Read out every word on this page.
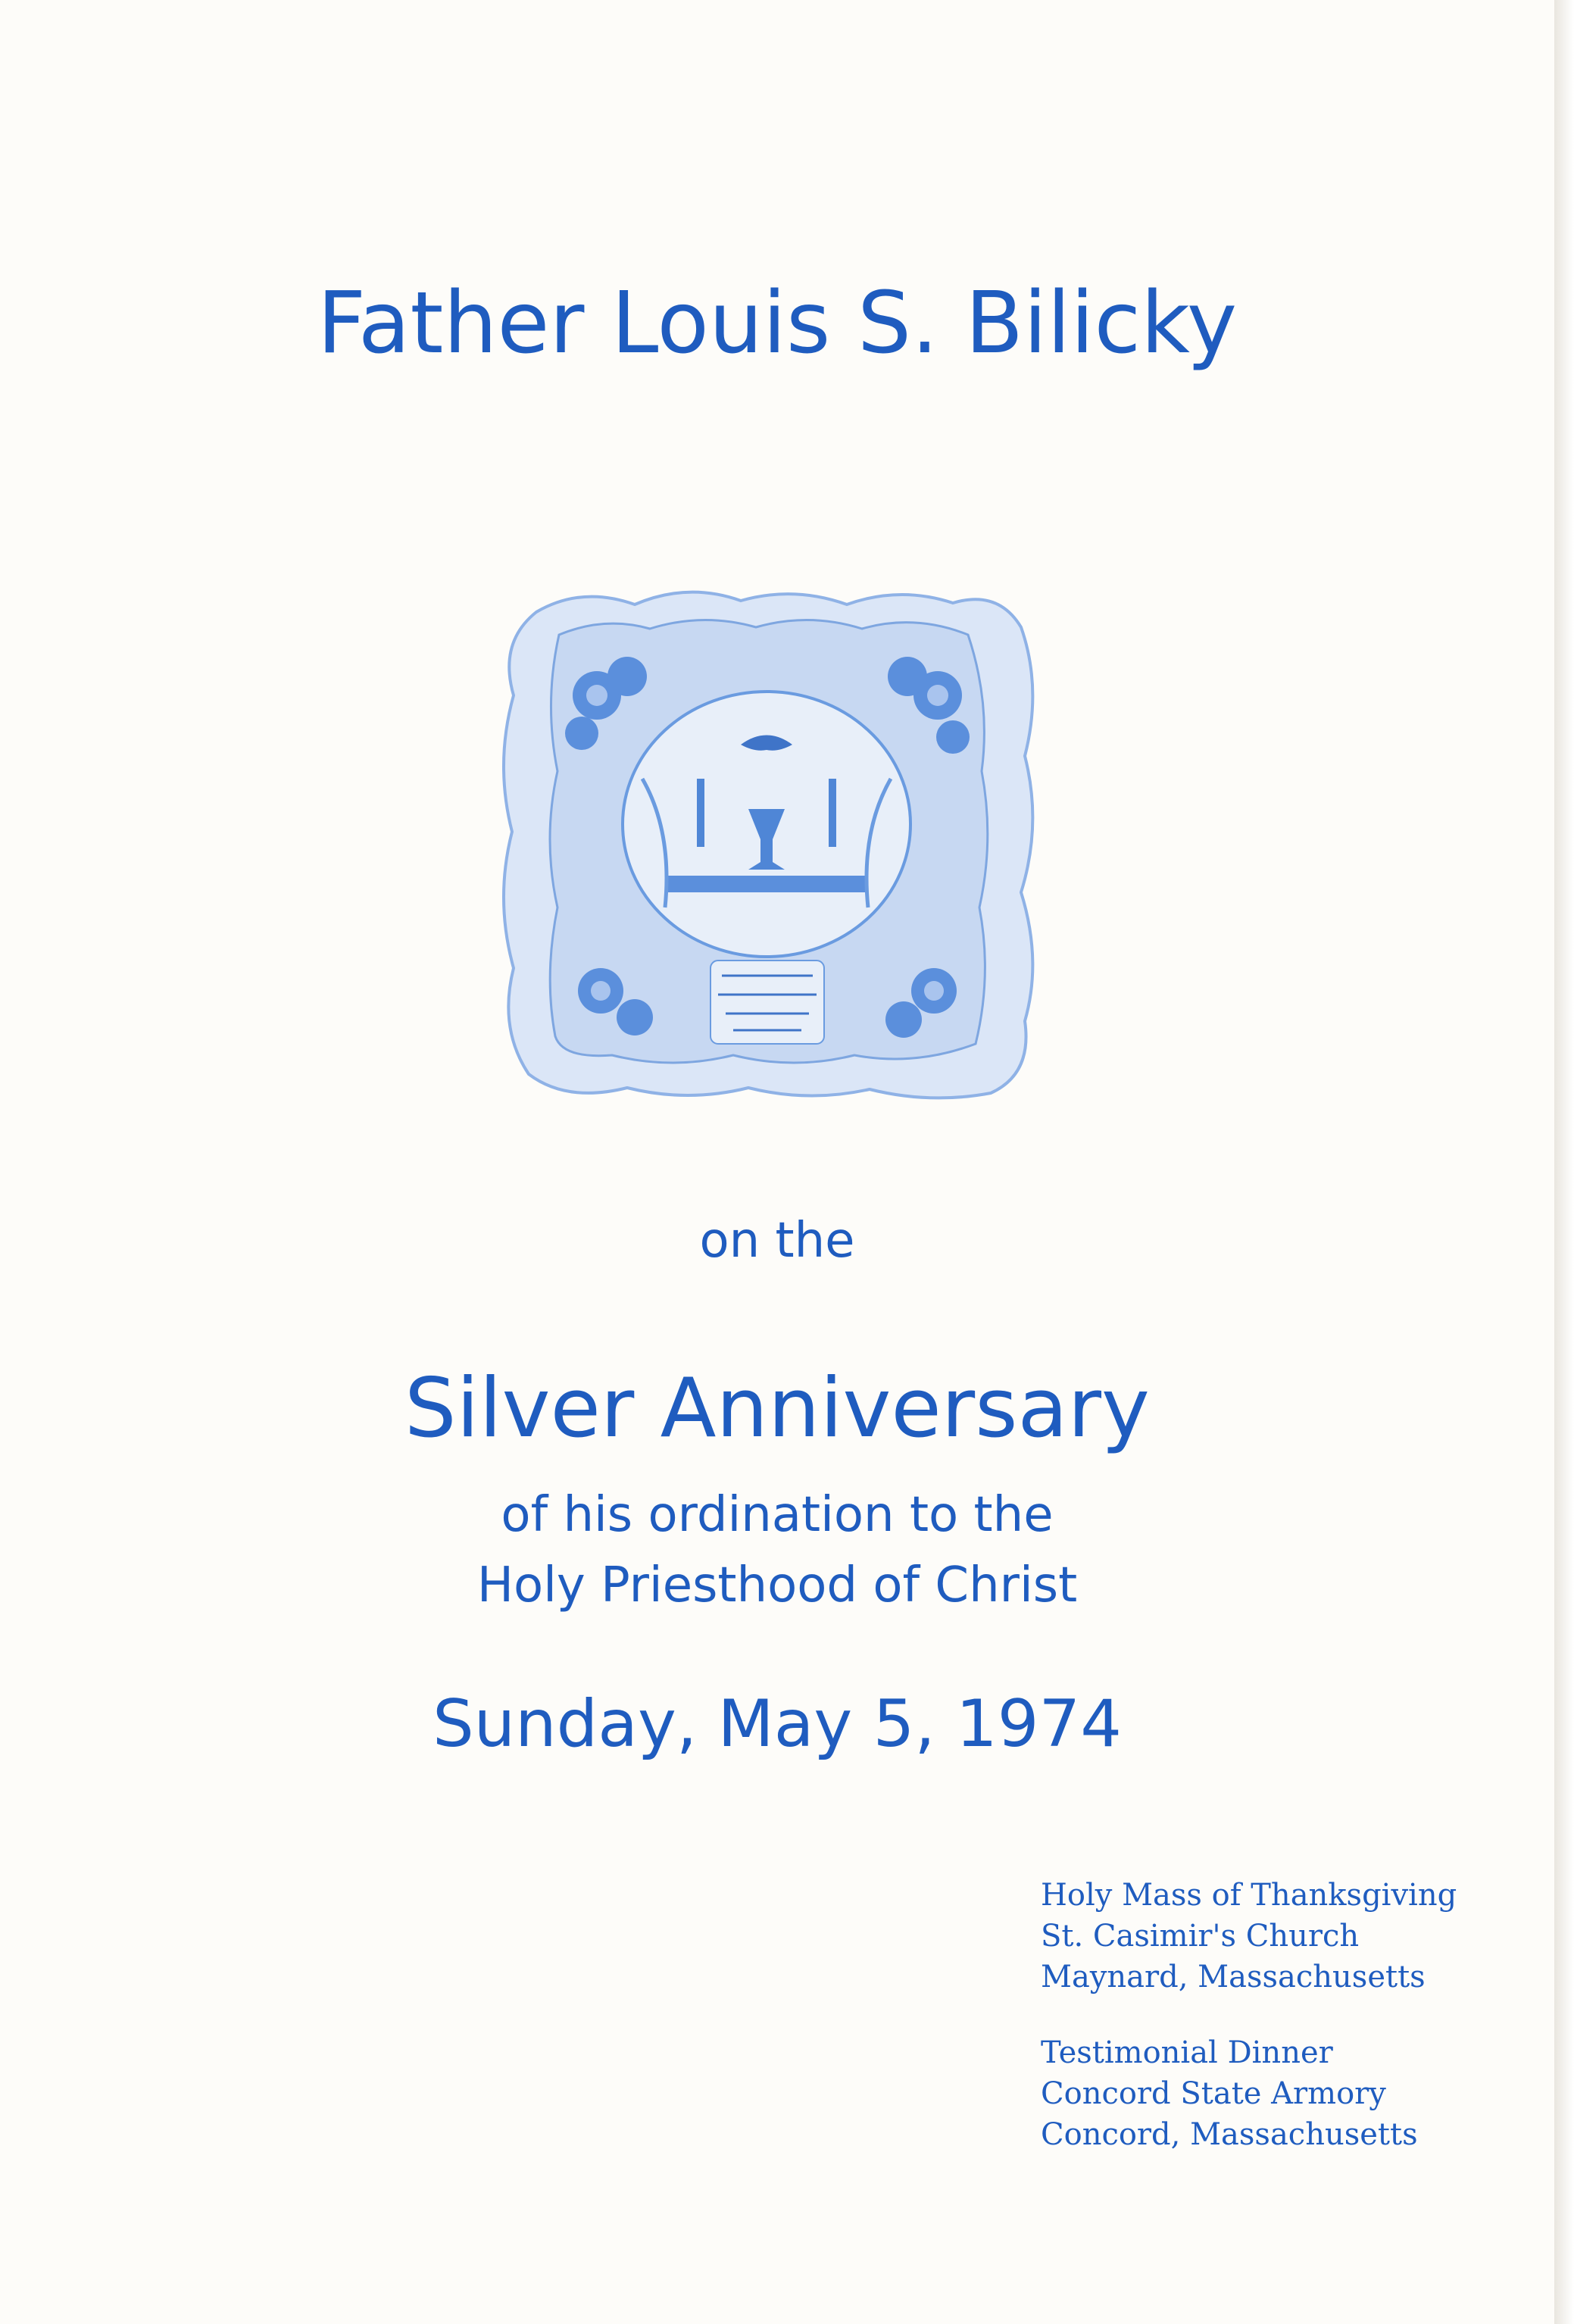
Father Louis S. Bilicky
on the
Silver Anniversary
of his ordination to the
Holy Priesthood of Christ
Sunday, May 5, 1974
Holy Mass of Thanksgiving
St. Casimir's Church
Maynard, Massachusetts
Testimonial Dinner
Concord State Armory
Concord, Massachusetts
